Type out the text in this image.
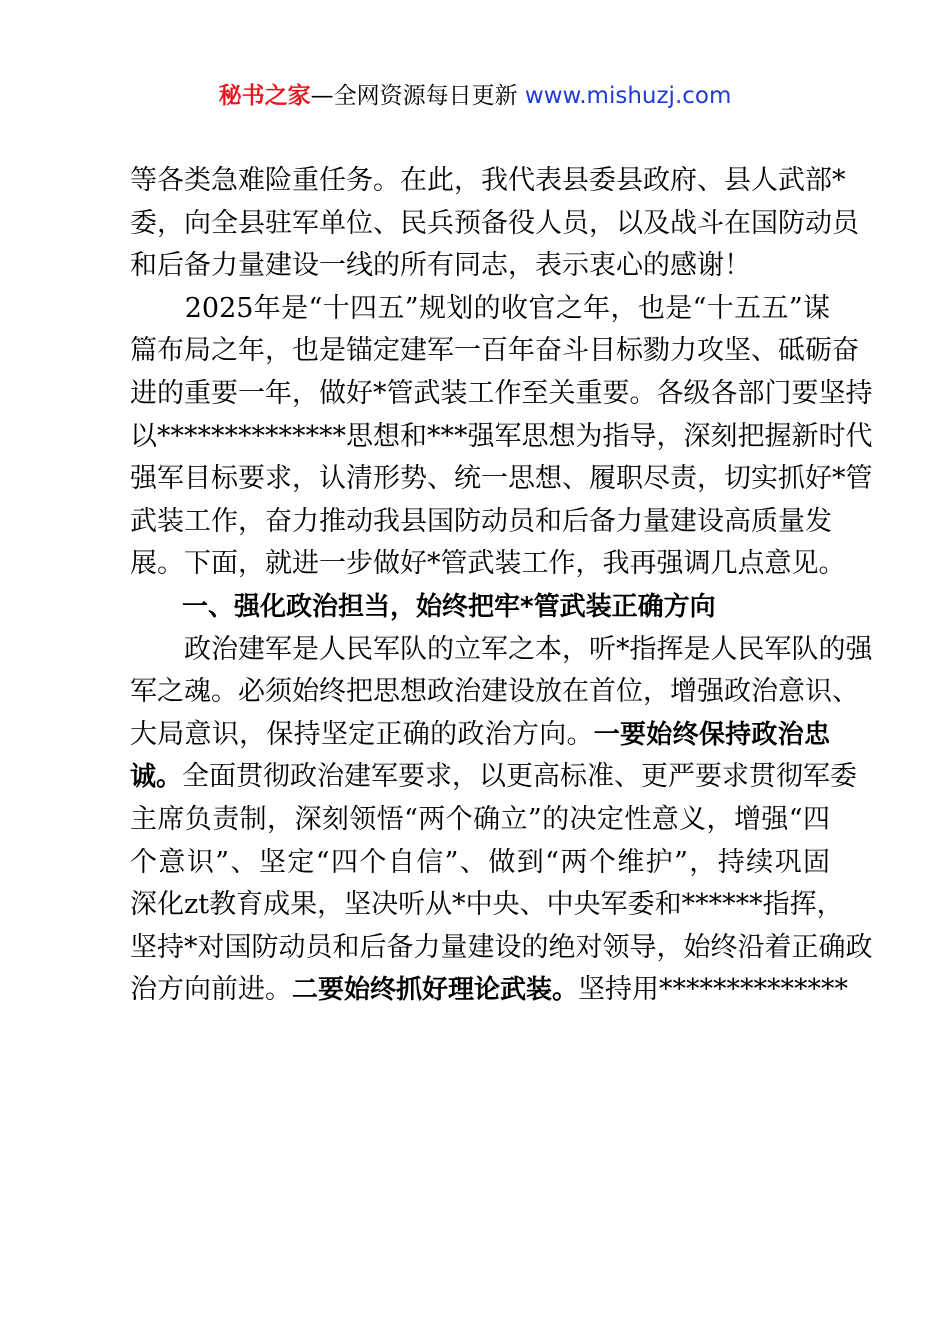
秘书之家—全网资源每日更新 www.mishuzj.com
等各类急难险重任务。在此，我代表县委县政府、县人武部*
委，向全县驻军单位、民兵预备役人员，以及战斗在国防动员
和后备力量建设一线的所有同志，表示衷心的感谢！
　　2025年是“十四五”规划的收官之年，也是“十五五”谋
篇布局之年，也是锚定建军一百年奋斗目标勠力攻坚、砥砺奋
进的重要一年，做好*管武装工作至关重要。各级各部门要坚持
以**************思想和***强军思想为指导，深刻把握新时代
强军目标要求，认清形势、统一思想、履职尽责，切实抓好*管
武装工作，奋力推动我县国防动员和后备力量建设高质量发
展。下面，就进一步做好*管武装工作，我再强调几点意见。
　　一、强化政治担当，始终把牢*管武装正确方向
　　政治建军是人民军队的立军之本，听*指挥是人民军队的强
军之魂。必须始终把思想政治建设放在首位，增强政治意识、
大局意识，保持坚定正确的政治方向。一要始终保持政治忠
诚。全面贯彻政治建军要求，以更高标准、更严要求贯彻军委
主席负责制，深刻领悟“两个确立”的决定性意义，增强“四
个意识”、坚定“四个自信”、做到“两个维护”，持续巩固
深化zt教育成果，坚决听从*中央、中央军委和******指挥，
坚持*对国防动员和后备力量建设的绝对领导，始终沿着正确政
治方向前进。二要始终抓好理论武装。坚持用**************
